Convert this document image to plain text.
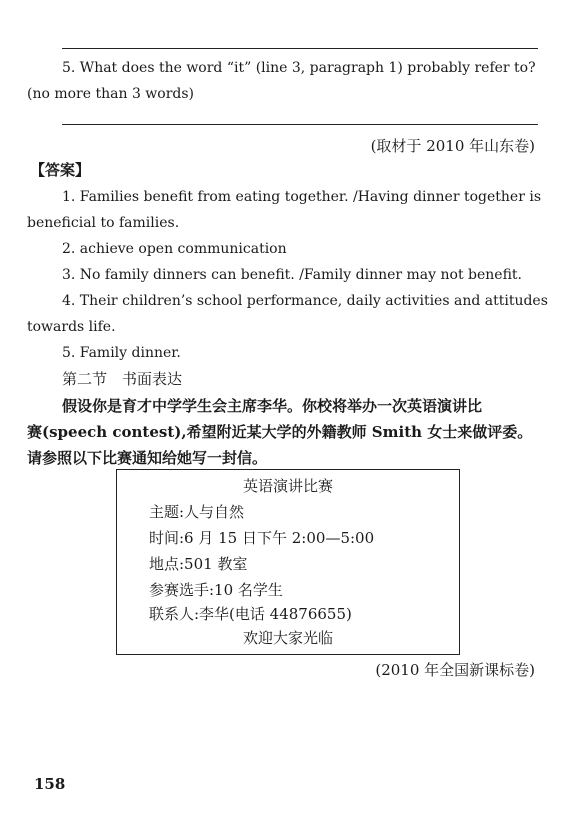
5. What does the word “it” (line 3, paragraph 1) probably refer to?
(no more than 3 words)
(取材于 2010 年山东卷)
【答案】
1. Families benefit from eating together. /Having dinner together is
beneficial to families.
2. achieve open communication
3. No family dinners can benefit. /Family dinner may not benefit.
4. Their children’s school performance, daily activities and attitudes
towards life.
5. Family dinner.
第二节　书面表达
假设你是育才中学学生会主席李华。你校将举办一次英语演讲比
赛(speech contest),希望附近某大学的外籍教师 Smith 女士来做评委。
请参照以下比赛通知给她写一封信。
英语演讲比赛
主题:人与自然
时间:6 月 15 日下午 2:00—5:00
地点:501 教室
参赛选手:10 名学生
联系人:李华(电话 44876655)
欢迎大家光临
(2010 年全国新课标卷)
158
